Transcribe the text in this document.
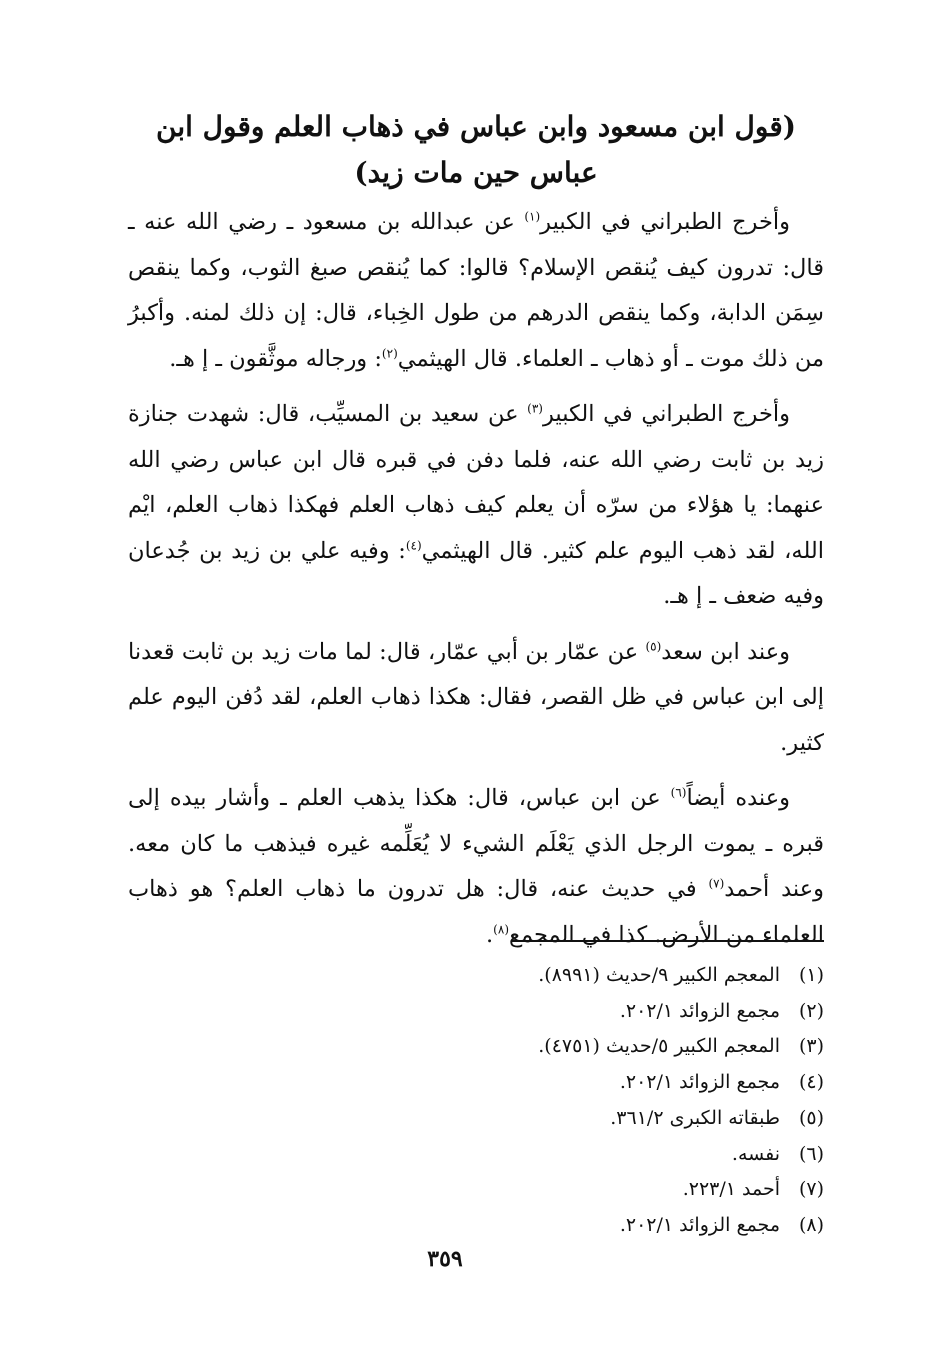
(قول ابن مسعود وابن عباس في ذهاب العلم وقول ابن عباس حين مات زيد)

وأخرج الطبراني في الكبير$^{(١)}$ عن عبدالله بن مسعود ـ رضي الله عنه ـ قال: تدرون كيف يُنقص الإسلام؟ قالوا: كما يُنقص صبغ الثوب، وكما ينقص سِمَن الدابة، وكما ينقص الدرهم من طول الخِباء، قال: إن ذلك لمنه. وأكبرُ من ذلك موت ـ أو ذهاب ـ العلماء. قال الهيثمي$^{(٢)}$: ورجاله موثَّقون ـ إ هـ.

وأخرج الطبراني في الكبير$^{(٣)}$ عن سعيد بن المسيِّب، قال: شهدت جنازة زيد بن ثابت رضي الله عنه، فلما دفن في قبره قال ابن عباس رضي الله عنهما: يا هؤلاء من سرّه أن يعلم كيف ذهاب العلم فهكذا ذهاب العلم، ايْم الله، لقد ذهب اليوم علم كثير. قال الهيثمي$^{(٤)}$: وفيه علي بن زيد بن جُدعان وفيه ضعف ـ إ هـ.

وعند ابن سعد$^{(٥)}$ عن عمّار بن أبي عمّار، قال: لما مات زيد بن ثابت قعدنا إلى ابن عباس في ظل القصر، فقال: هكذا ذهاب العلم، لقد دُفن اليوم علم كثير.

وعنده أيضاً$^{(٦)}$ عن ابن عباس، قال: هكذا يذهب العلم ـ وأشار بيده إلى قبره ـ يموت الرجل الذي يَعْلَم الشيء لا يُعَلِّمه غيره فيذهب ما كان معه. وعند أحمد$^{(٧)}$ في حديث عنه، قال: هل تدرون ما ذهاب العلم؟ هو ذهاب العلماء من الأرض. كذا في المجمع$^{(٨)}$.

(١)المعجم الكبير ٩/حديث (٨٩٩١).
(٢)مجمع الزوائد ٢٠٢/١.
(٣)المعجم الكبير ٥/حديث (٤٧٥١).
(٤)مجمع الزوائد ٢٠٢/١.
(٥)طبقاته الكبرى ٣٦١/٢.
(٦)نفسه.
(٧)أحمد ٢٢٣/١.
(٨)مجمع الزوائد ٢٠٢/١.
٣٥٩
